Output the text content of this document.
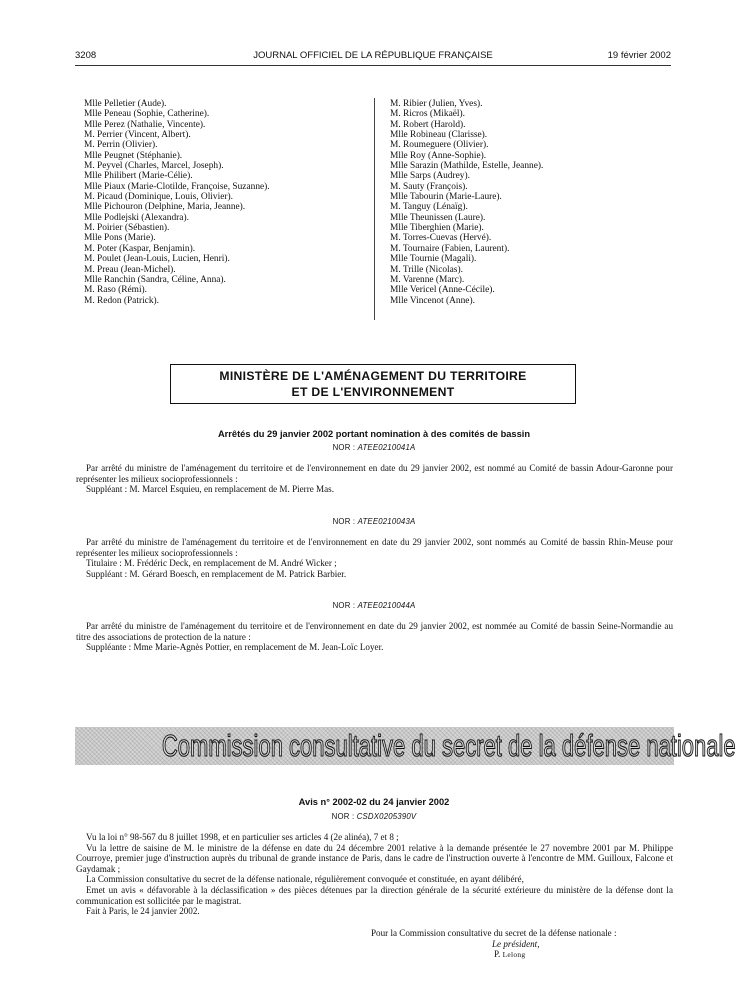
3208	JOURNAL OFFICIEL DE LA RÉPUBLIQUE FRANÇAISE	19 février 2002
Mlle Pelletier (Aude).
Mlle Peneau (Sophie, Catherine).
Mlle Perez (Nathalie, Vincente).
M. Perrier (Vincent, Albert).
M. Perrin (Olivier).
Mlle Peugnet (Stéphanie).
M. Peyvel (Charles, Marcel, Joseph).
Mlle Philibert (Marie-Célie).
Mlle Piaux (Marie-Clotilde, Françoise, Suzanne).
M. Picaud (Dominique, Louis, Olivier).
Mlle Pichouron (Delphine, Maria, Jeanne).
Mlle Podlejski (Alexandra).
M. Poirier (Sébastien).
Mlle Pons (Marie).
M. Poter (Kaspar, Benjamin).
M. Poulet (Jean-Louis, Lucien, Henri).
M. Preau (Jean-Michel).
Mlle Ranchin (Sandra, Céline, Anna).
M. Raso (Rémi).
M. Redon (Patrick).
M. Ribier (Julien, Yves).
M. Ricros (Mikaël).
M. Robert (Harold).
Mlle Robineau (Clarisse).
M. Roumeguere (Olivier).
Mlle Roy (Anne-Sophie).
Mlle Sarazin (Mathilde, Estelle, Jeanne).
Mlle Sarps (Audrey).
M. Sauty (François).
Mlle Tabourin (Marie-Laure).
M. Tanguy (Lénaïg).
Mlle Theunissen (Laure).
Mlle Tiberghien (Marie).
M. Torres-Cuevas (Hervé).
M. Tournaire (Fabien, Laurent).
Mlle Tournie (Magali).
M. Trille (Nicolas).
M. Varenne (Marc).
Mlle Vericel (Anne-Cécile).
Mlle Vincenot (Anne).
MINISTÈRE DE L'AMÉNAGEMENT DU TERRITOIRE
ET DE L'ENVIRONNEMENT
Arrêtés du 29 janvier 2002 portant nomination à des comités de bassin
NOR : ATEE0210041A

Par arrêté du ministre de l'aménagement du territoire et de l'environnement en date du 29 janvier 2002, est nommé au Comité de bassin Adour-Garonne pour représenter les milieux socioprofessionnels :

Suppléant : M. Marcel Esquieu, en remplacement de M. Pierre Mas.

NOR : ATEE0210043A

Par arrêté du ministre de l'aménagement du territoire et de l'environnement en date du 29 janvier 2002, sont nommés au Comité de bassin Rhin-Meuse pour représenter les milieux socioprofessionnels :

Titulaire : M. Frédéric Deck, en remplacement de M. André Wicker ;

Suppléant : M. Gérard Boesch, en remplacement de M. Patrick Barbier.

NOR : ATEE0210044A

Par arrêté du ministre de l'aménagement du territoire et de l'environnement en date du 29 janvier 2002, est nommée au Comité de bassin Seine-Normandie au titre des associations de protection de la nature :

Suppléante : Mme Marie-Agnès Pottier, en remplacement de M. Jean-Loïc Loyer.

Commission consultative du secret de la défense nationale
Avis n° 2002-02 du 24 janvier 2002
NOR : CSDX0205390V

Vu la loi n° 98-567 du 8 juillet 1998, et en particulier ses articles 4 (2e alinéa), 7 et 8 ;

Vu la lettre de saisine de M. le ministre de la défense en date du 24 décembre 2001 relative à la demande présentée le 27 novembre 2001 par M. Philippe Courroye, premier juge d'instruction auprès du tribunal de grande instance de Paris, dans le cadre de l'instruction ouverte à l'encontre de MM. Guilloux, Falcone et Gaydamak ;

La Commission consultative du secret de la défense nationale, régulièrement convoquée et constituée, en ayant délibéré,

Emet un avis « défavorable à la déclassification » des pièces détenues par la direction générale de la sécurité extérieure du ministère de la défense dont la communication est sollicitée par le magistrat.

Fait à Paris, le 24 janvier 2002.

Pour la Commission consultative du secret de la défense nationale :
Le président,
P. Lelong
